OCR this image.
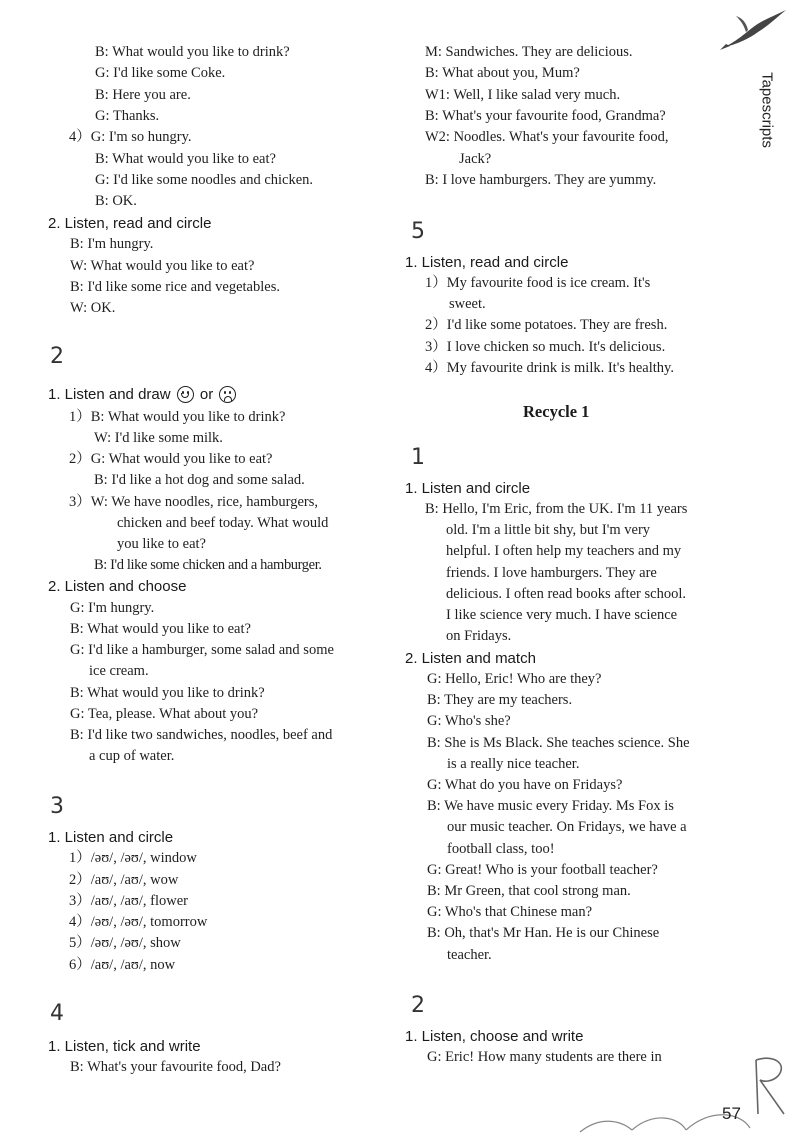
Tapescripts
B: What would you like to drink?
G: I'd like some Coke.
B: Here you are.
G: Thanks.
4）G: I'm so hungry.
B: What would you like to eat?
G: I'd like some noodles and chicken.
B: OK.
2. Listen, read and circle
B: I'm hungry.
W: What would you like to eat?
B: I'd like some rice and vegetables.
W: OK.
2
1. Listen and draw or
1）B: What would you like to drink?
W: I'd like some milk.
2）G: What would you like to eat?
B: I'd like a hot dog and some salad.
3）W: We have noodles, rice, hamburgers,
chicken and beef today. What would
you like to eat?
B: I'd like some chicken and a hamburger.
2. Listen and choose
G: I'm hungry.
B: What would you like to eat?
G: I'd like a hamburger, some salad and some
ice cream.
B: What would you like to drink?
G: Tea, please. What about you?
B: I'd like two sandwiches, noodles, beef and
a cup of water.
3
1. Listen and circle
1）/əʊ/, /əʊ/, window
2）/aʊ/, /aʊ/, wow
3）/aʊ/, /aʊ/, flower
4）/əʊ/, /əʊ/, tomorrow
5）/əʊ/, /əʊ/, show
6）/aʊ/, /aʊ/, now
4
1. Listen, tick and write
B: What's your favourite food, Dad?
M: Sandwiches. They are delicious.
B: What about you, Mum?
W1: Well, I like salad very much.
B: What's your favourite food, Grandma?
W2: Noodles. What's your favourite food,
Jack?
B: I love hamburgers. They are yummy.
5
1. Listen, read and circle
1）My favourite food is ice cream. It's
sweet.
2）I'd like some potatoes. They are fresh.
3）I love chicken so much. It's delicious.
4）My favourite drink is milk. It's healthy.
Recycle 1
1
1. Listen and circle
B: Hello, I'm Eric, from the UK. I'm 11 years
old. I'm a little bit shy, but I'm very
helpful. I often help my teachers and my
friends. I love hamburgers. They are
delicious. I often read books after school.
I like science very much. I have science
on Fridays.
2. Listen and match
G: Hello, Eric! Who are they?
B: They are my teachers.
G: Who's she?
B: She is Ms Black. She teaches science. She
is a really nice teacher.
G: What do you have on Fridays?
B: We have music every Friday. Ms Fox is
our music teacher. On Fridays, we have a
football class, too!
G: Great! Who is your football teacher?
B: Mr Green, that cool strong man.
G: Who's that Chinese man?
B: Oh, that's Mr Han. He is our Chinese
teacher.
2
1. Listen, choose and write
G: Eric! How many students are there in
57
